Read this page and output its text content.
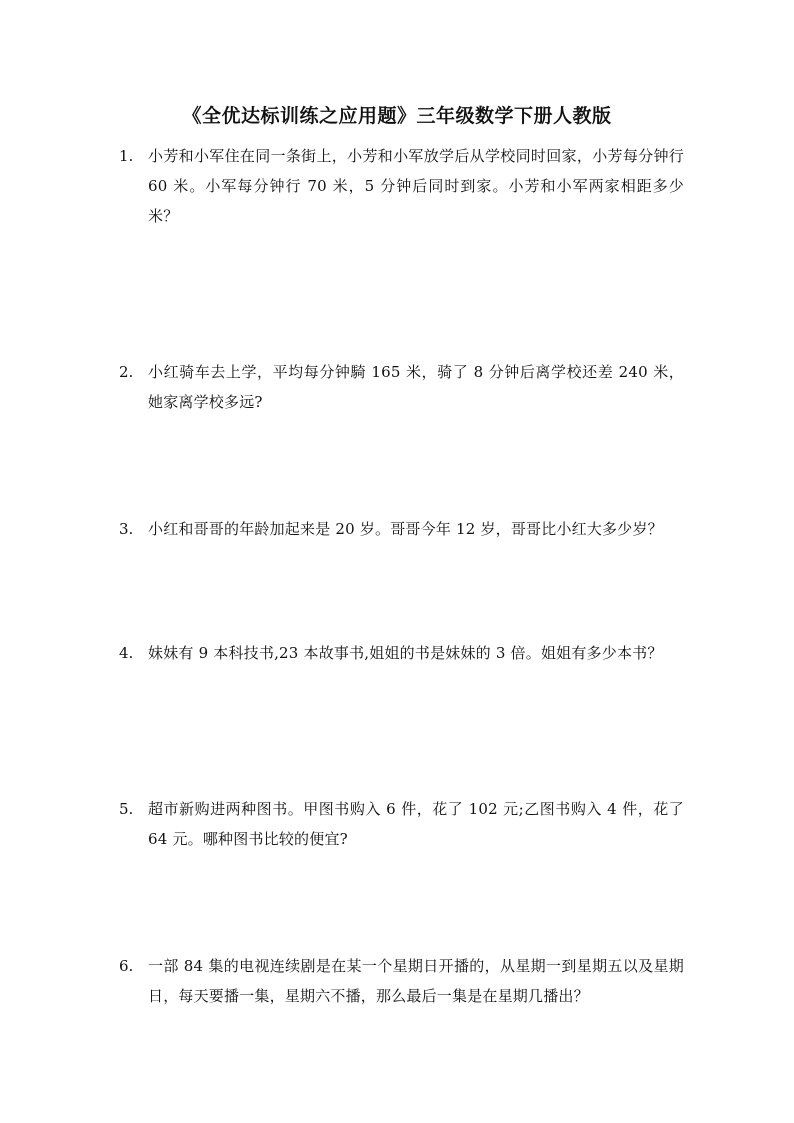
《全优达标训练之应用题》三年级数学下册人教版
1. 小芳和小军住在同一条街上，小芳和小军放学后从学校同时回家，小芳每分钟行 60 米。小军每分钟行 70 米，5 分钟后同时到家。小芳和小军两家相距多少米？
2. 小红骑车去上学，平均每分钟騎 165 米，骑了 8 分钟后离学校还差 240 米，她家离学校多远?
3. 小红和哥哥的年龄加起来是 20 岁。哥哥今年 12 岁，哥哥比小红大多少岁？
4. 妹妹有 9 本科技书,23 本故事书,姐姐的书是妹妹的 3 倍。姐姐有多少本书？
5. 超市新购进两种图书。甲图书购入 6 件，花了 102 元;乙图书购入 4 件，花了 64 元。哪种图书比较的便宜?
6. 一部 84 集的电视连续剧是在某一个星期日开播的，从星期一到星期五以及星期日，每天要播一集，星期六不播，那么最后一集是在星期几播出？
